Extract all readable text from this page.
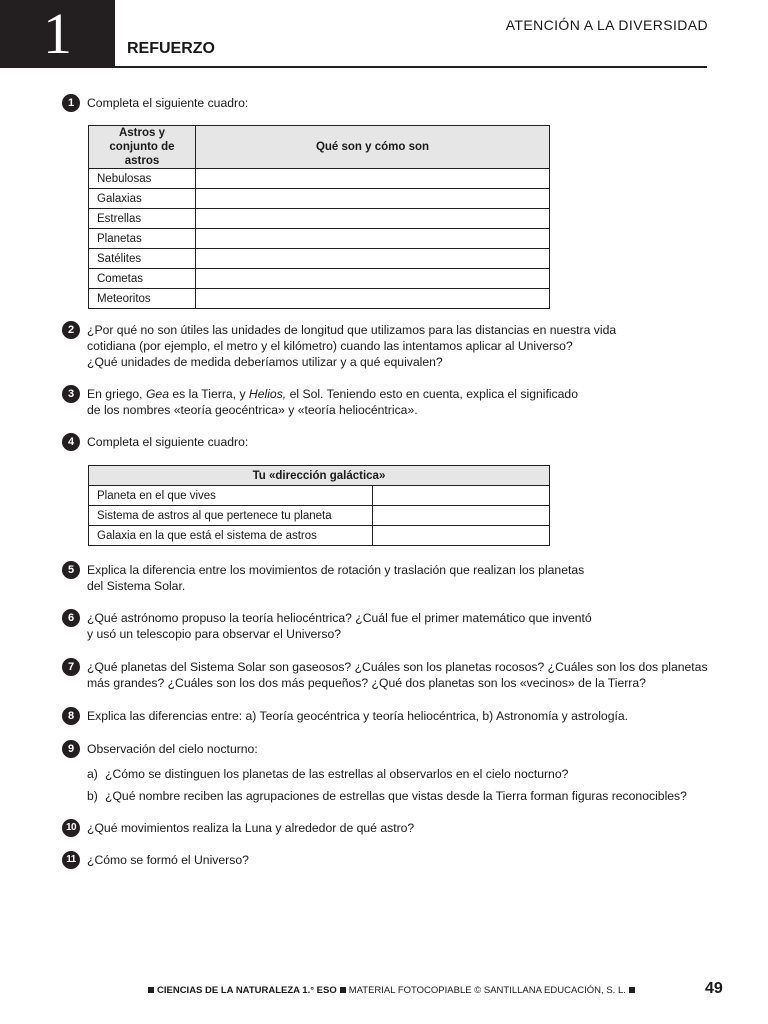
1	ATENCIÓN A LA DIVERSIDAD
REFUERZO
1	Completa el siguiente cuadro:
Astros y conjunto de astros	Qué son y cómo son
Nebulosas	
Galaxias	
Estrellas	
Planetas	
Satélites	
Cometas	
Meteoritos	
2	¿Por qué no son útiles las unidades de longitud que utilizamos para las distancias en nuestra vida
cotidiana (por ejemplo, el metro y el kilómetro) cuando las intentamos aplicar al Universo?
¿Qué unidades de medida deberíamos utilizar y a qué equivalen?
3	En griego, Gea es la Tierra, y Helios, el Sol. Teniendo esto en cuenta, explica el significado
de los nombres «teoría geocéntrica» y «teoría heliocéntrica».
4	Completa el siguiente cuadro:
Tu «dirección galáctica»	
Planeta en el que vives	
Sistema de astros al que pertenece tu planeta	
Galaxia en la que está el sistema de astros	
5	Explica la diferencia entre los movimientos de rotación y traslación que realizan los planetas
del Sistema Solar.
6	¿Qué astrónomo propuso la teoría heliocéntrica? ¿Cuál fue el primer matemático que inventó
y usó un telescopio para observar el Universo?
7	¿Qué planetas del Sistema Solar son gaseosos? ¿Cuáles son los planetas rocosos? ¿Cuáles son los dos planetas
más grandes? ¿Cuáles son los dos más pequeños? ¿Qué dos planetas son los «vecinos» de la Tierra?
8	Explica las diferencias entre: a) Teoría geocéntrica y teoría heliocéntrica, b) Astronomía y astrología.
9	Observación del cielo nocturno:
a) ¿Cómo se distinguen los planetas de las estrellas al observarlos en el cielo nocturno?
b) ¿Qué nombre reciben las agrupaciones de estrellas que vistas desde la Tierra forman figuras reconocibles?
10 ¿Qué movimientos realiza la Luna y alrededor de qué astro?
11 ¿Cómo se formó el Universo?
CIENCIAS DE LA NATURALEZA 1.° ESO MATERIAL FOTOCOPIABLE © SANTILLANA EDUCACIÓN, S. L.	49
